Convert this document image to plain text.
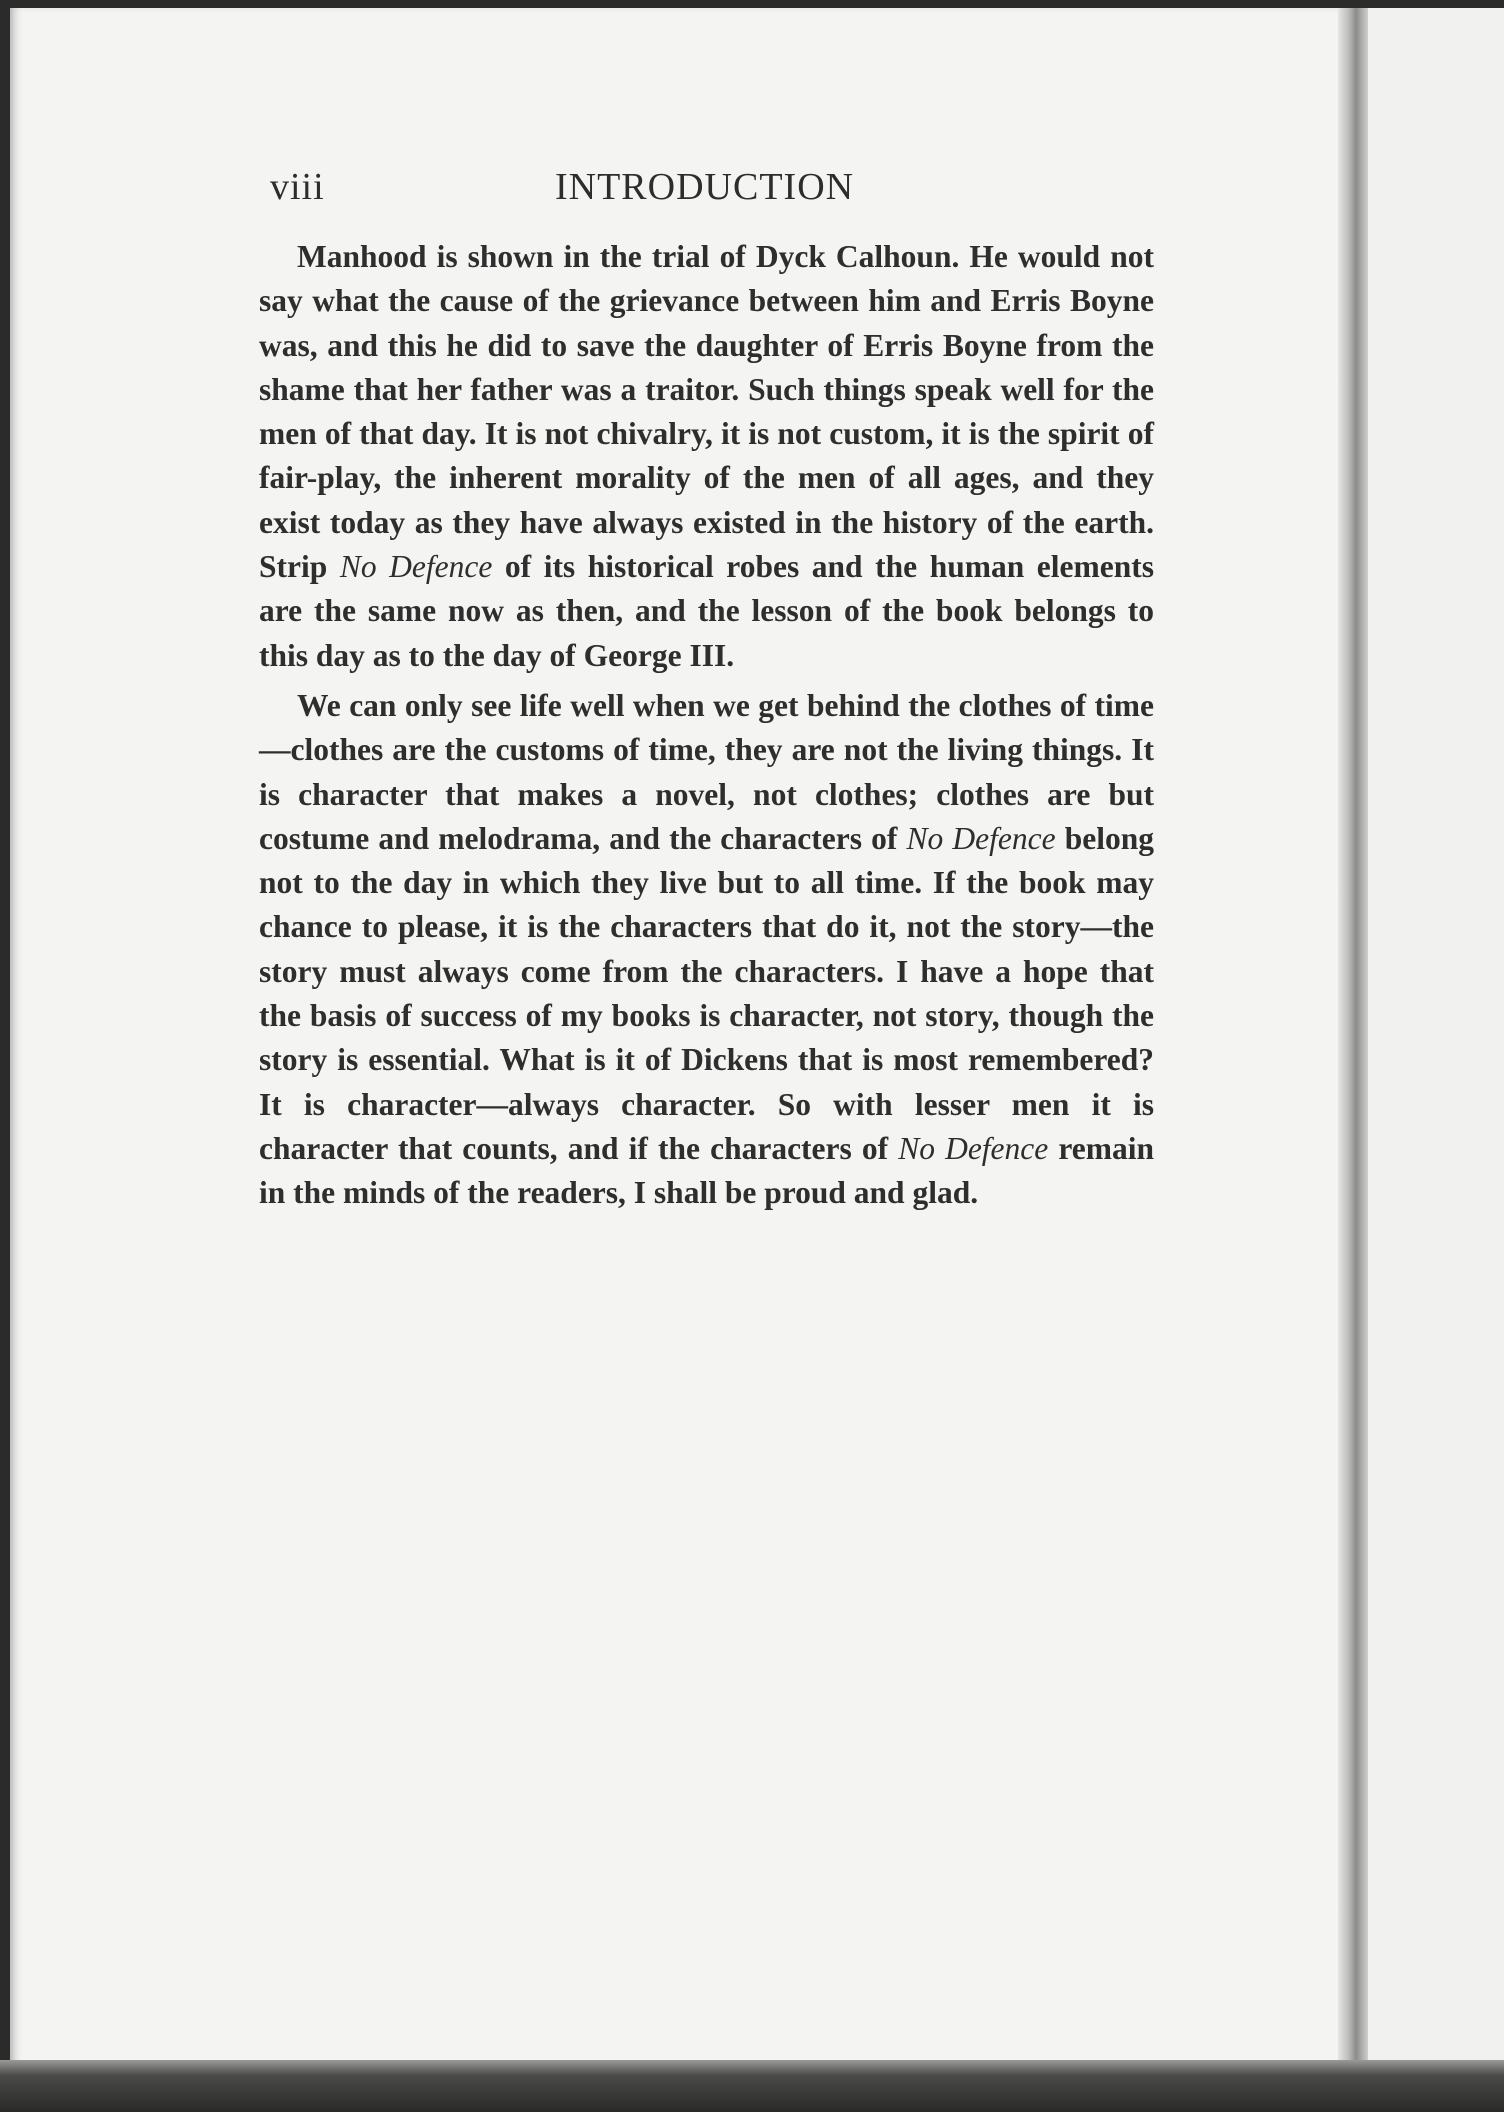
viii	INTRODUCTION

Manhood is shown in the trial of Dyck Calhoun. He would not say what the cause of the grievance between him and Erris Boyne was, and this he did to save the daughter of Erris Boyne from the shame that her father was a traitor. Such things speak well for the men of that day. It is not chivalry, it is not custom, it is the spirit of fair-play, the inherent morality of the men of all ages, and they exist today as they have always existed in the history of the earth. Strip No Defence of its historical robes and the human elements are the same now as then, and the lesson of the book belongs to this day as to the day of George III.

We can only see life well when we get behind the clothes of time—clothes are the customs of time, they are not the living things. It is character that makes a novel, not clothes; clothes are but costume and melodrama, and the characters of No Defence belong not to the day in which they live but to all time. If the book may chance to please, it is the characters that do it, not the story—the story must always come from the characters. I have a hope that the basis of success of my books is character, not story, though the story is essential. What is it of Dickens that is most remembered? It is character—always character. So with lesser men it is character that counts, and if the characters of No Defence remain in the minds of the readers, I shall be proud and glad.
